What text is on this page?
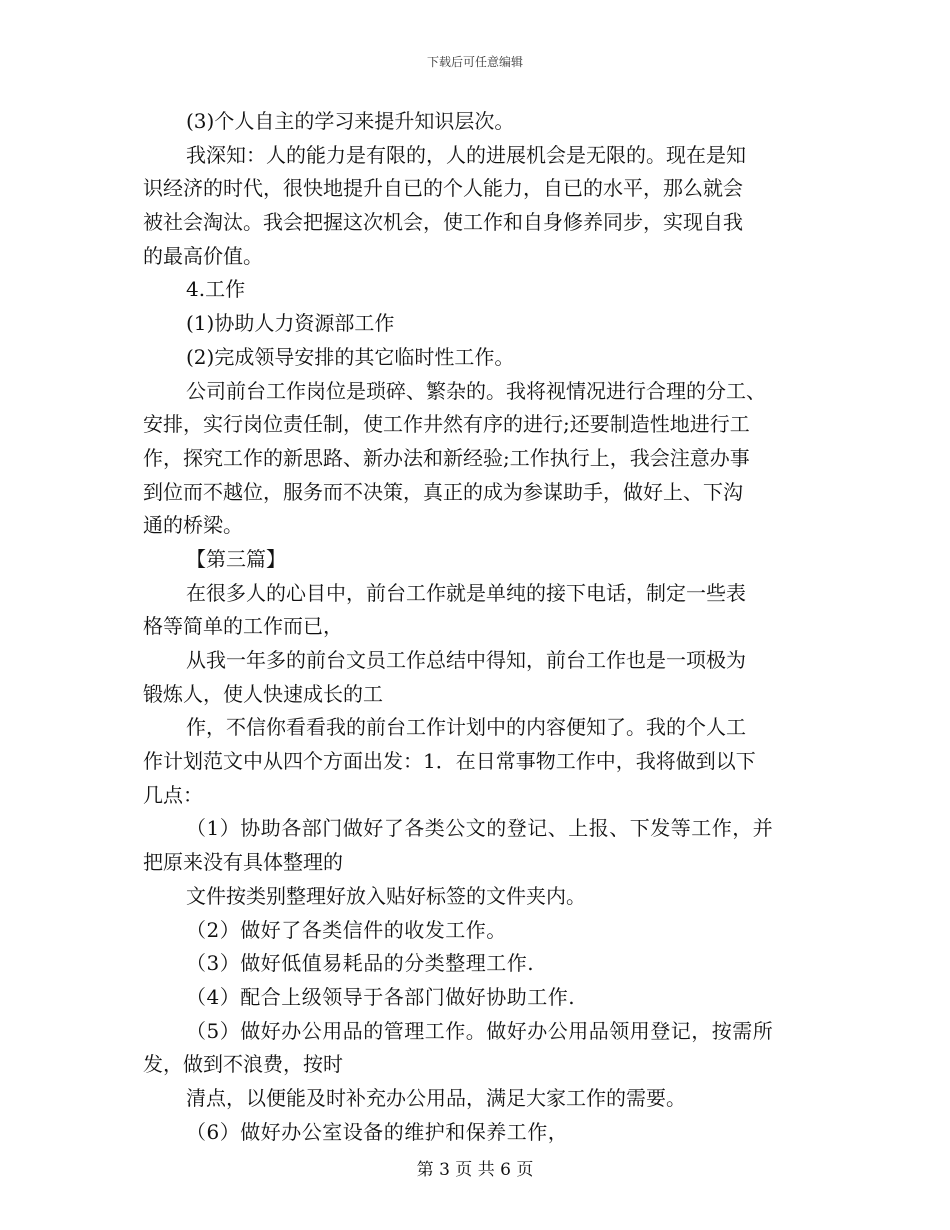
下载后可任意编辑
(3)个人自主的学习来提升知识层次。
我深知：人的能力是有限的，人的进展机会是无限的。现在是知
识经济的时代，很快地提升自已的个人能力，自已的水平，那么就会
被社会淘汰。我会把握这次机会，使工作和自身修养同步，实现自我
的最高价值。
4.工作
(1)协助人力资源部工作
(2)完成领导安排的其它临时性工作。
公司前台工作岗位是琐碎、繁杂的。我将视情况进行合理的分工、
安排，实行岗位责任制，使工作井然有序的进行;还要制造性地进行工
作，探究工作的新思路、新办法和新经验;工作执行上，我会注意办事
到位而不越位，服务而不决策，真正的成为参谋助手，做好上、下沟
通的桥梁。
【第三篇】
在很多人的心目中，前台工作就是单纯的接下电话，制定一些表
格等简单的工作而已，
从我一年多的前台文员工作总结中得知，前台工作也是一项极为
锻炼人，使人快速成长的工
作，不信你看看我的前台工作计划中的内容便知了。我的个人工
作计划范文中从四个方面出发：1．在日常事物工作中，我将做到以下
几点：
（1）协助各部门做好了各类公文的登记、上报、下发等工作，并
把原来没有具体整理的
文件按类别整理好放入贴好标签的文件夹内。
（2）做好了各类信件的收发工作。
（3）做好低值易耗品的分类整理工作.
（4）配合上级领导于各部门做好协助工作.
（5）做好办公用品的管理工作。做好办公用品领用登记，按需所
发，做到不浪费，按时
清点，以便能及时补充办公用品，满足大家工作的需要。
（6）做好办公室设备的维护和保养工作，
第 3 页 共 6 页
